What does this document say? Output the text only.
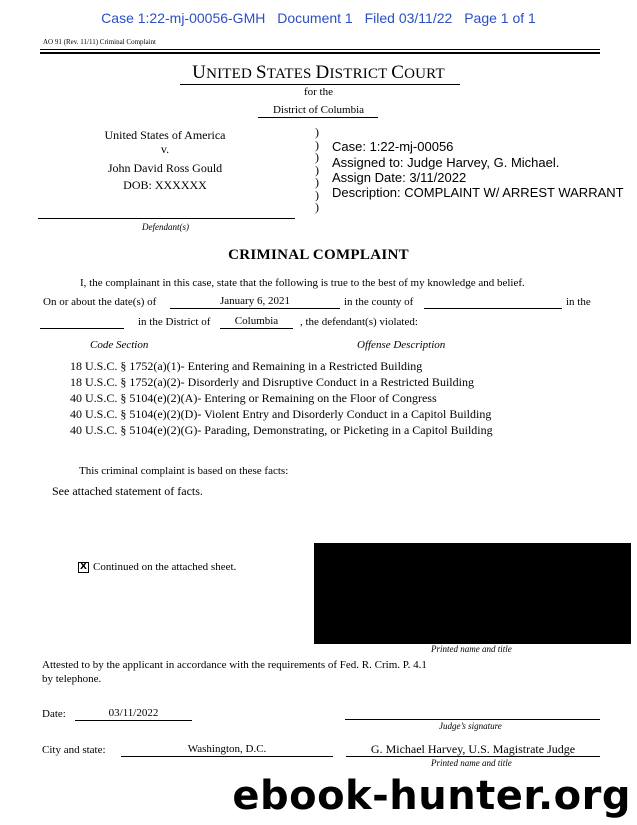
Case 1:22-mj-00056-GMH Document 1 Filed 03/11/22 Page 1 of 1
AO 91 (Rev. 11/11) Criminal Complaint
UNITED STATES DISTRICT COURT
for the
District of Columbia
United States of America
v.
John David Ross Gould
DOB: XXXXXX
Defendant(s)
)
)
)
)
)
)
)
Case: 1:22-mj-00056
Assigned to: Judge Harvey, G. Michael.
Assign Date: 3/11/2022
Description: COMPLAINT W/ ARREST WARRANT
CRIMINAL COMPLAINT
I, the complainant in this case, state that the following is true to the best of my knowledge and belief.
On or about the date(s) of	January 6, 2021	in the county of	in the
in the District of	Columbia	, the defendant(s) violated:
Code Section	Offense Description
18 U.S.C. § 1752(a)(1)- Entering and Remaining in a Restricted Building
18 U.S.C. § 1752(a)(2)- Disorderly and Disruptive Conduct in a Restricted Building
40 U.S.C. § 5104(e)(2)(A)- Entering or Remaining on the Floor of Congress
40 U.S.C. § 5104(e)(2)(D)- Violent Entry and Disorderly Conduct in a Capitol Building
40 U.S.C. § 5104(e)(2)(G)- Parading, Demonstrating, or Picketing in a Capitol Building
This criminal complaint is based on these facts:
See attached statement of facts.
X Continued on the attached sheet.
Printed name and title
Attested to by the applicant in accordance with the requirements of Fed. R. Crim. P. 4.1
by telephone.
Date:	03/11/2022
Judge’s signature
City and state:	Washington, D.C.	G. Michael Harvey, U.S. Magistrate Judge
Printed name and title
ebook-hunter.org
